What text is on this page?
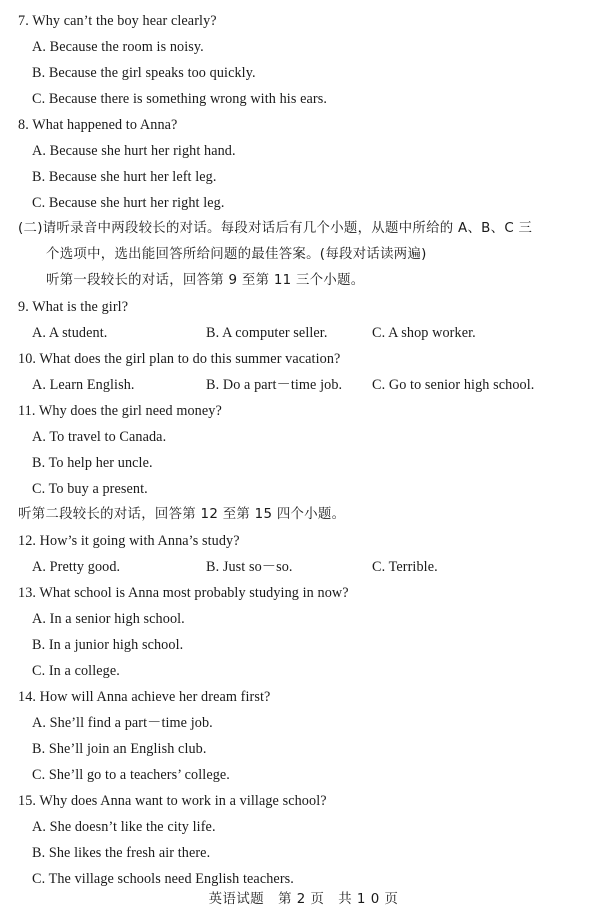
7. Why can’t the boy hear clearly?
A. Because the room is noisy.
B. Because the girl speaks too quickly.
C. Because there is something wrong with his ears.
8. What happened to Anna?
A. Because she hurt her right hand.
B. Because she hurt her left leg.
C. Because she hurt her right leg.
(二)请听录音中两段较长的对话。每段对话后有几个小题，从题中所给的 A、B、C 三
个选项中，选出能回答所给问题的最佳答案。(每段对话读两遍)
听第一段较长的对话，回答第 9 至第 11 三个小题。
9. What is the girl?
A. A student.	B. A computer seller.	C. A shop worker.
10. What does the girl plan to do this summer vacation?
A. Learn English.	B. Do a part－time job. C. Go to senior high school.
11. Why does the girl need money?
A. To travel to Canada.
B. To help her uncle.
C. To buy a present.
听第二段较长的对话，回答第 12 至第 15 四个小题。
12. How’s it going with Anna’s study?
A. Pretty good.	B. Just so－so.	C. Terrible.
13. What school is Anna most probably studying in now?
A. In a senior high school.
B. In a junior high school.
C. In a college.
14. How will Anna achieve her dream first?
A. She’ll find a part－time job.
B. She’ll join an English club.
C. She’ll go to a teachers’ college.
15. Why does Anna want to work in a village school?
A. She doesn’t like the city life.
B. She likes the fresh air there.
C. The village schools need English teachers.
英语试题　第 2 页　共 1 0 页
